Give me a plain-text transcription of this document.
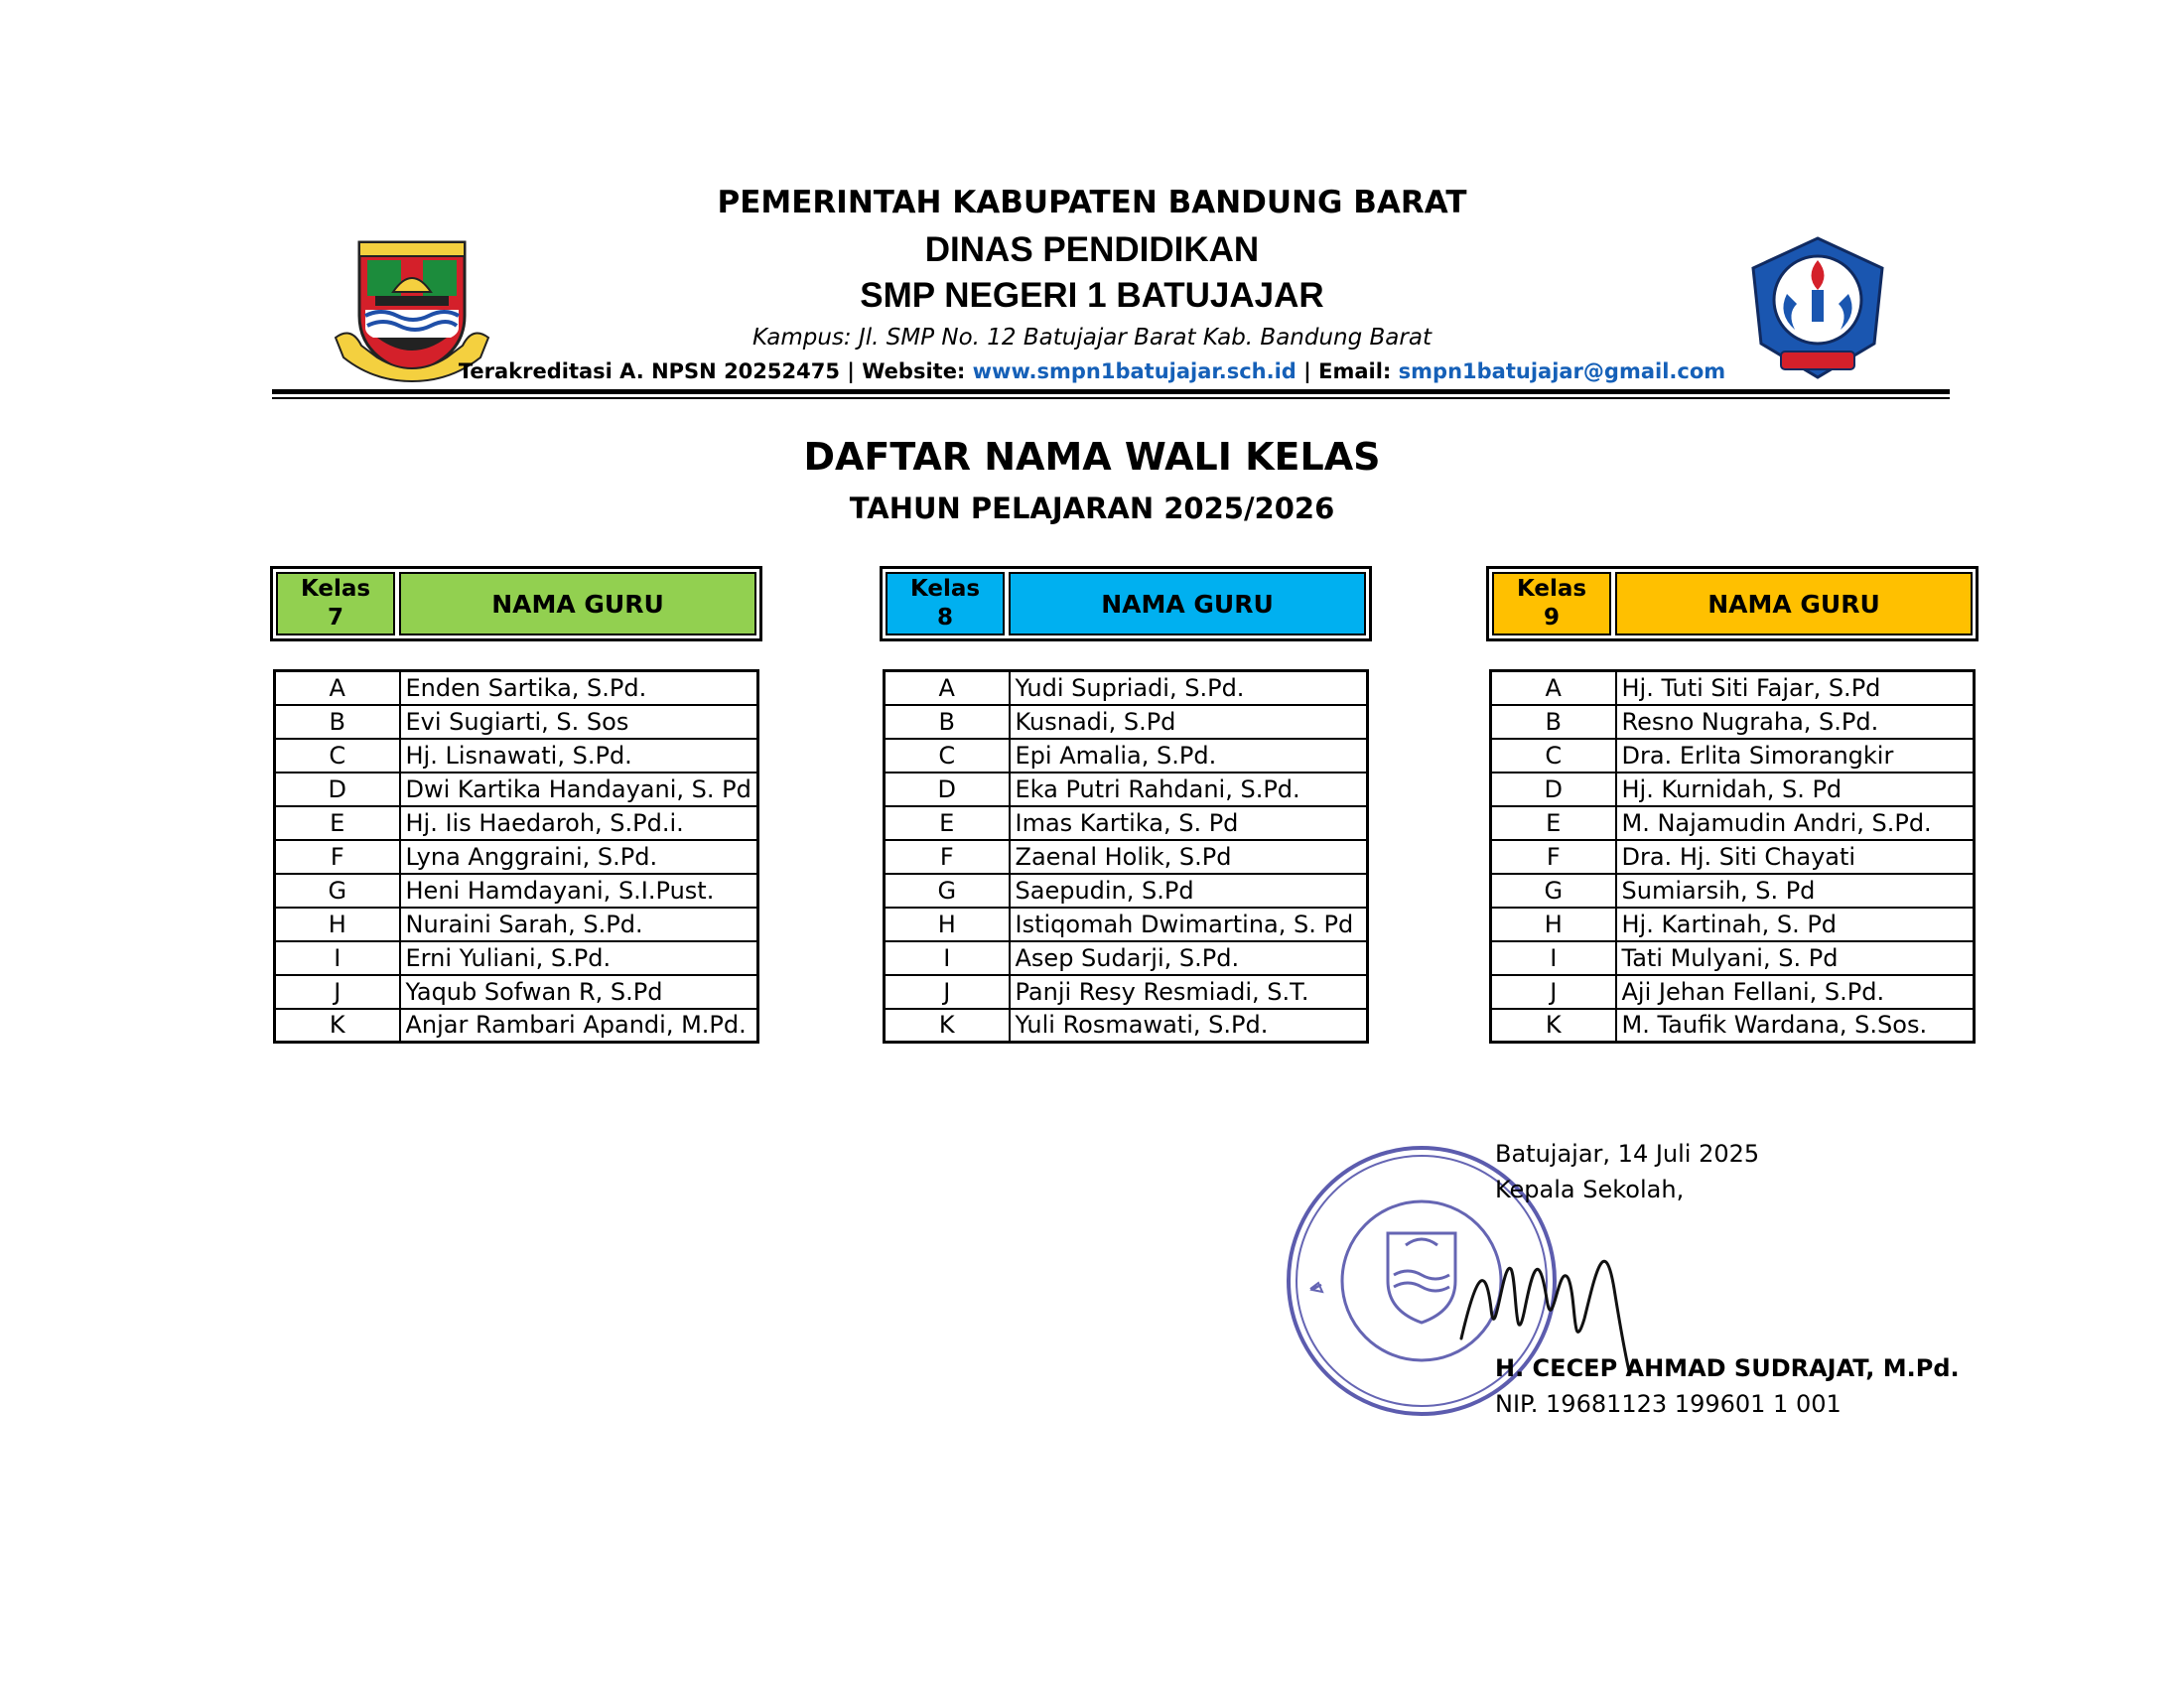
PEMERINTAH KABUPATEN BANDUNG BARAT
DINAS PENDIDIKAN
SMP NEGERI 1 BATUJAJAR
Kampus: Jl. SMP No. 12 Batujajar Barat Kab. Bandung Barat
Terakreditasi A. NPSN 20252475 | Website: www.smpn1batujajar.sch.id | Email: smpn1batujajar@gmail.com
DAFTAR NAMA WALI KELAS
TAHUN PELAJARAN 2025/2026
Kelas
7	NAMA GURU
A	Enden Sartika, S.Pd.
B	Evi Sugiarti, S. Sos
C	Hj. Lisnawati, S.Pd.
D	Dwi Kartika Handayani, S. Pd
E	Hj. Iis Haedaroh, S.Pd.i.
F	Lyna Anggraini, S.Pd.
G	Heni Hamdayani, S.I.Pust.
H	Nuraini Sarah, S.Pd.
I	Erni Yuliani, S.Pd.
J	Yaqub Sofwan R, S.Pd
K	Anjar Rambari Apandi, M.Pd.
Kelas
8	NAMA GURU
A	Yudi Supriadi, S.Pd.
B	Kusnadi, S.Pd
C	Epi Amalia, S.Pd.
D	Eka Putri Rahdani, S.Pd.
E	Imas Kartika, S. Pd
F	Zaenal Holik, S.Pd
G	Saepudin, S.Pd
H	Istiqomah Dwimartina, S. Pd
I	Asep Sudarji, S.Pd.
J	Panji Resy Resmiadi, S.T.
K	Yuli Rosmawati, S.Pd.
Kelas
9	NAMA GURU
A	Hj. Tuti Siti Fajar, S.Pd
B	Resno Nugraha, S.Pd.
C	Dra. Erlita Simorangkir
D	Hj. Kurnidah, S. Pd
E	M. Najamudin Andri, S.Pd.
F	Dra. Hj. Siti Chayati
G	Sumiarsih, S. Pd
H	Hj. Kartinah, S. Pd
I	Tati Mulyani, S. Pd
J	Aji Jehan Fellani, S.Pd.
K	M. Taufik Wardana, S.Sos.
Batujajar, 14 Juli 2025
Kepala Sekolah,
H. CECEP AHMAD SUDRAJAT, M.Pd.
NIP. 19681123 199601 1 001
